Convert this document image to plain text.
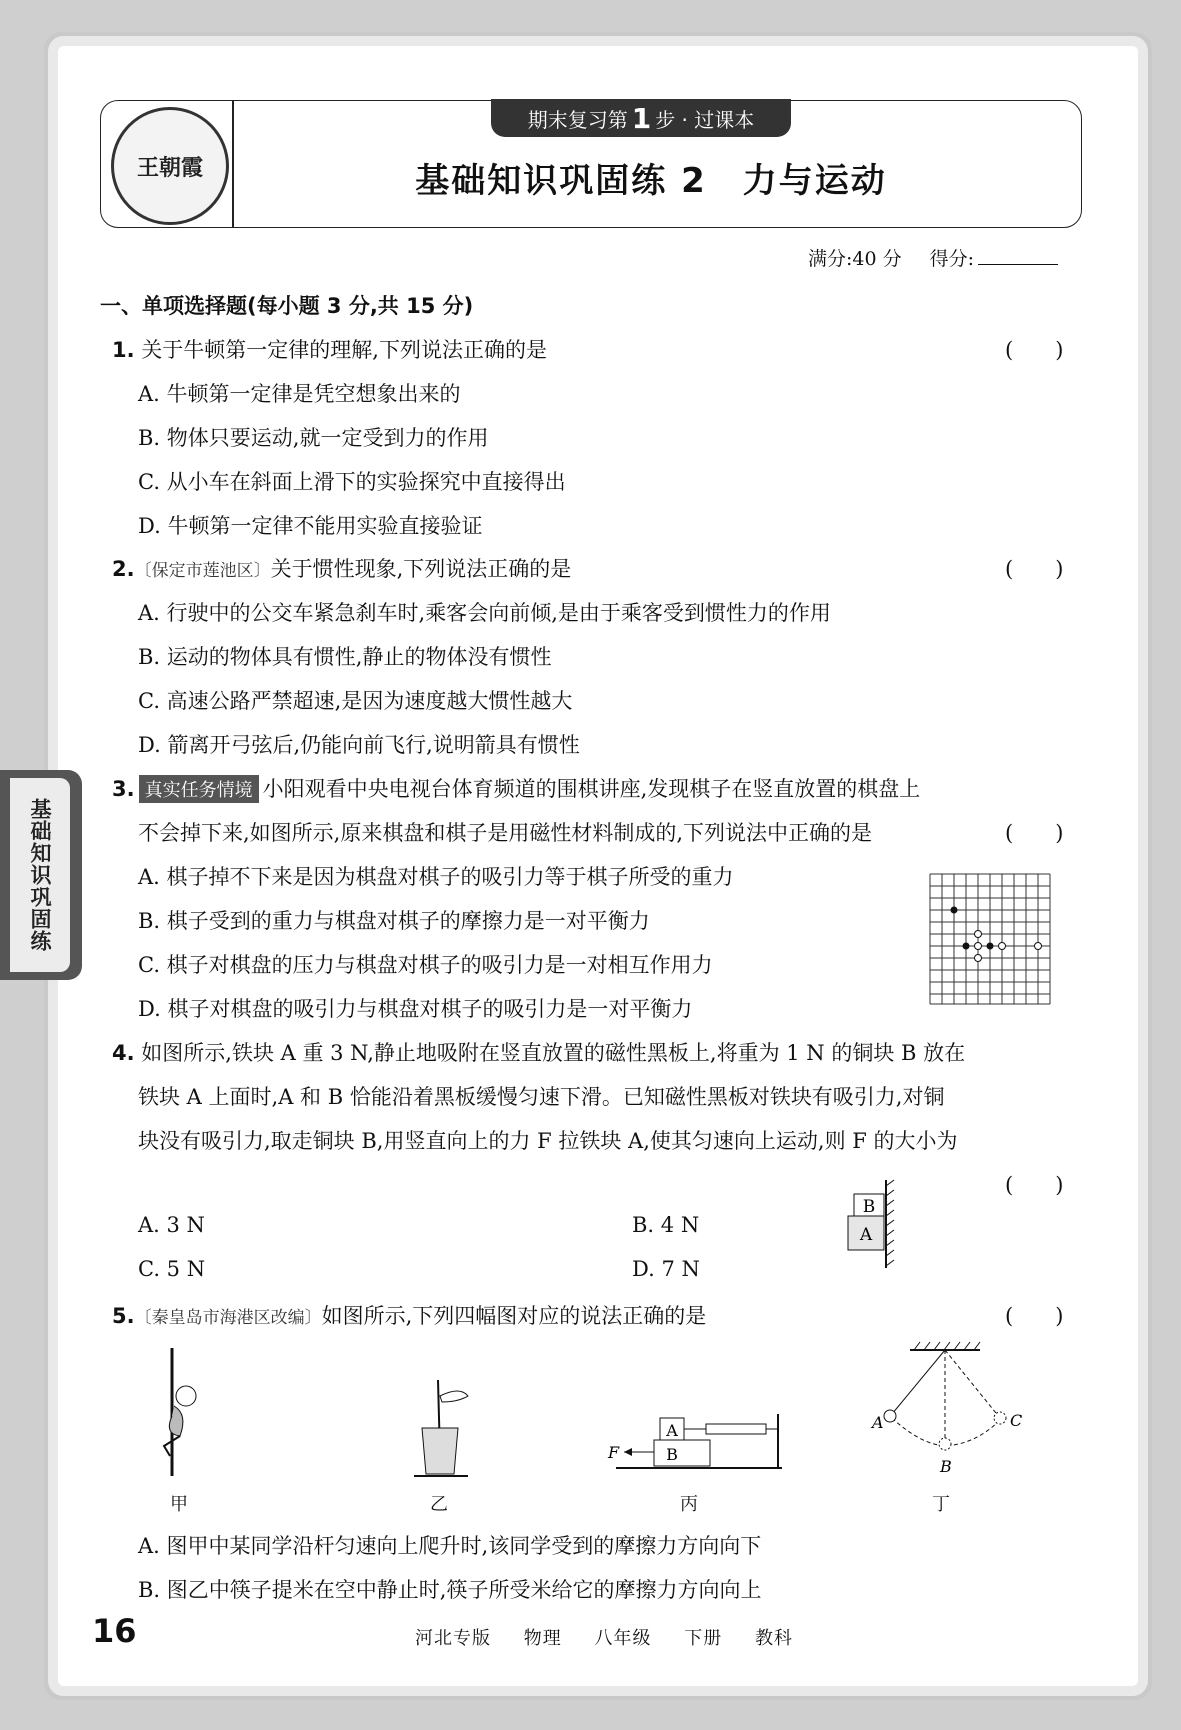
王朝霞
期末复习第 1 步 · 过课本
基础知识巩固练 2　力与运动
满分:40 分 得分:
一、单项选择题(每小题 3 分,共 15 分)
1. 关于牛顿第一定律的理解,下列说法正确的是	(　　)
A. 牛顿第一定律是凭空想象出来的
B. 物体只要运动,就一定受到力的作用
C. 从小车在斜面上滑下的实验探究中直接得出
D. 牛顿第一定律不能用实验直接验证
2.〔保定市莲池区〕关于惯性现象,下列说法正确的是	(　　)
A. 行驶中的公交车紧急刹车时,乘客会向前倾,是由于乘客受到惯性力的作用
B. 运动的物体具有惯性,静止的物体没有惯性
C. 高速公路严禁超速,是因为速度越大惯性越大
D. 箭离开弓弦后,仍能向前飞行,说明箭具有惯性
基础知识巩固练
3. 真实任务情境 小阳观看中央电视台体育频道的围棋讲座,发现棋子在竖直放置的棋盘上
不会掉下来,如图所示,原来棋盘和棋子是用磁性材料制成的,下列说法中正确的是	(　　)
A. 棋子掉不下来是因为棋盘对棋子的吸引力等于棋子所受的重力
B. 棋子受到的重力与棋盘对棋子的摩擦力是一对平衡力
C. 棋子对棋盘的压力与棋盘对棋子的吸引力是一对相互作用力
D. 棋子对棋盘的吸引力与棋盘对棋子的吸引力是一对平衡力
4. 如图所示,铁块 A 重 3 N,静止地吸附在竖直放置的磁性黑板上,将重为 1 N 的铜块 B 放在
铁块 A 上面时,A 和 B 恰能沿着黑板缓慢匀速下滑。已知磁性黑板对铁块有吸引力,对铜
块没有吸引力,取走铜块 B,用竖直向上的力 F 拉铁块 A,使其匀速向上运动,则 F 的大小为
(　　)
A. 3 N	B. 4 N
C. 5 N	D. 7 N
B
A
5.〔秦皇岛市海港区改编〕如图所示,下列四幅图对应的说法正确的是	(　　)
甲	乙
F
A
B
丙
A
B
C
丁
A. 图甲中某同学沿杆匀速向上爬升时,该同学受到的摩擦力方向向下
B. 图乙中筷子提米在空中静止时,筷子所受米给它的摩擦力方向向上
16	河北专版 物理 八年级 下册 教科
